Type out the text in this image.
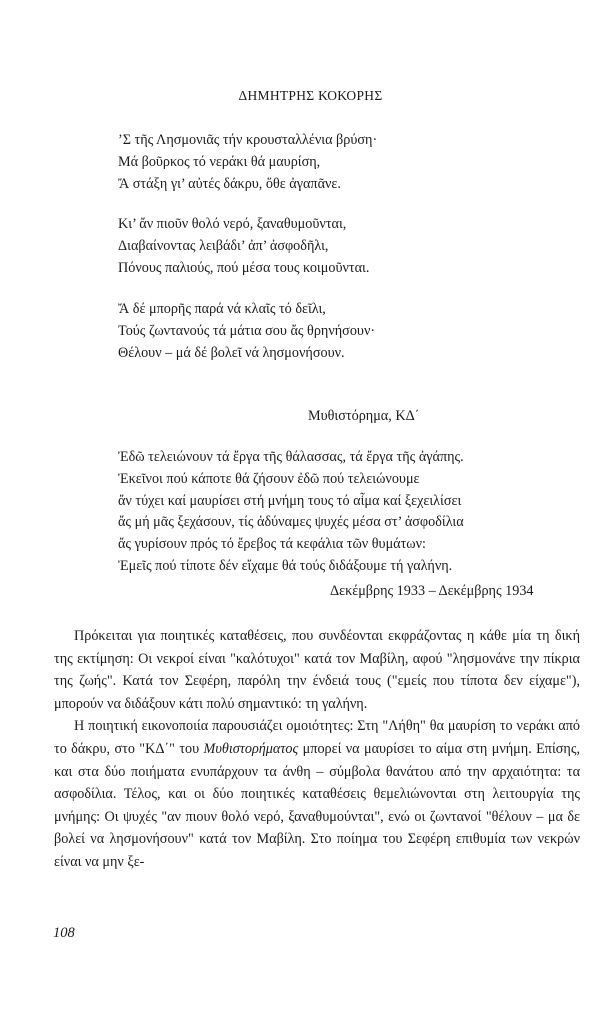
ΔΗΜΗΤΡΗΣ ΚΟΚΟΡΗΣ
’Σ τῆς Λησμονιᾶς τήν κρουσταλλένια βρύση·
Μά βοῦρκος τό νεράκι θά μαυρίση,
Ἄ στάξη γι’ αὐτές δάκρυ, ὅθε ἀγαπᾶνε.
Κι’ ἄν πιοῦν θολό νερό, ξαναθυμοῦνται,
Διαβαίνοντας λειβάδι’ ἀπ’ ἀσφοδῆλι,
Πόνους παλιούς, πού μέσα τους κοιμοῦνται.
Ἄ δέ μπορῆς παρά νά κλαῖς τό δεῖλι,
Τούς ζωντανούς τά μάτια σου ἄς θρηνήσουν·
Θέλουν – μά δέ βολεῖ νά λησμονήσουν.
Μυθιστόρημα, ΚΔ΄
Ἐδῶ τελειώνουν τά ἔργα τῆς θάλασσας, τά ἔργα τῆς ἀγάπης.
Ἐκεῖνοι πού κάποτε θά ζήσουν ἐδῶ πού τελειώνουμε
ἄν τύχει καί μαυρίσει στή μνήμη τους τό αἷμα καί ξεχειλίσει
ἄς μή μᾶς ξεχάσουν, τίς ἀδύναμες ψυχές μέσα στ’ ἀσφοδίλια
ἄς γυρίσουν πρός τό ἔρεβος τά κεφάλια τῶν θυμάτων:
Ἐμεῖς πού τίποτε δέν εἴχαμε θά τούς διδάξουμε τή γαλήνη.
Δεκέμβρης 1933 – Δεκέμβρης 1934

Πρόκειται για ποιητικές καταθέσεις, που συνδέονται εκφράζοντας η κάθε μία τη δική της εκτίμηση: Οι νεκροί είναι "καλότυχοι" κατά τον Μαβίλη, αφού "λησμονάνε την πίκρια της ζωής". Κατά τον Σεφέρη, παρόλη την ένδειά τους ("εμείς που τίποτα δεν είχαμε"), μπορούν να διδάξουν κάτι πολύ σημαντικό: τη γαλήνη.

Η ποιητική εικονοποιία παρουσιάζει ομοιότητες: Στη "Λήθη" θα μαυρίση το νεράκι από το δάκρυ, στο "ΚΔ΄" του Μυθιστορήματος μπορεί να μαυρίσει το αίμα στη μνήμη. Επίσης, και στα δύο ποιήματα ενυπάρχουν τα άνθη – σύμβολα θανάτου από την αρχαιότητα: τα ασφοδίλια. Τέλος, και οι δύο ποιητικές καταθέσεις θεμελιώνονται στη λειτουργία της μνήμης: Οι ψυχές "αν πιουν θολό νερό, ξαναθυμούνται", ενώ οι ζωντανοί "θέλουν – μα δε βολεί να λησμονήσουν" κατά τον Μαβίλη. Στο ποίημα του Σεφέρη επιθυμία των νεκρών είναι να μην ξε-

108
